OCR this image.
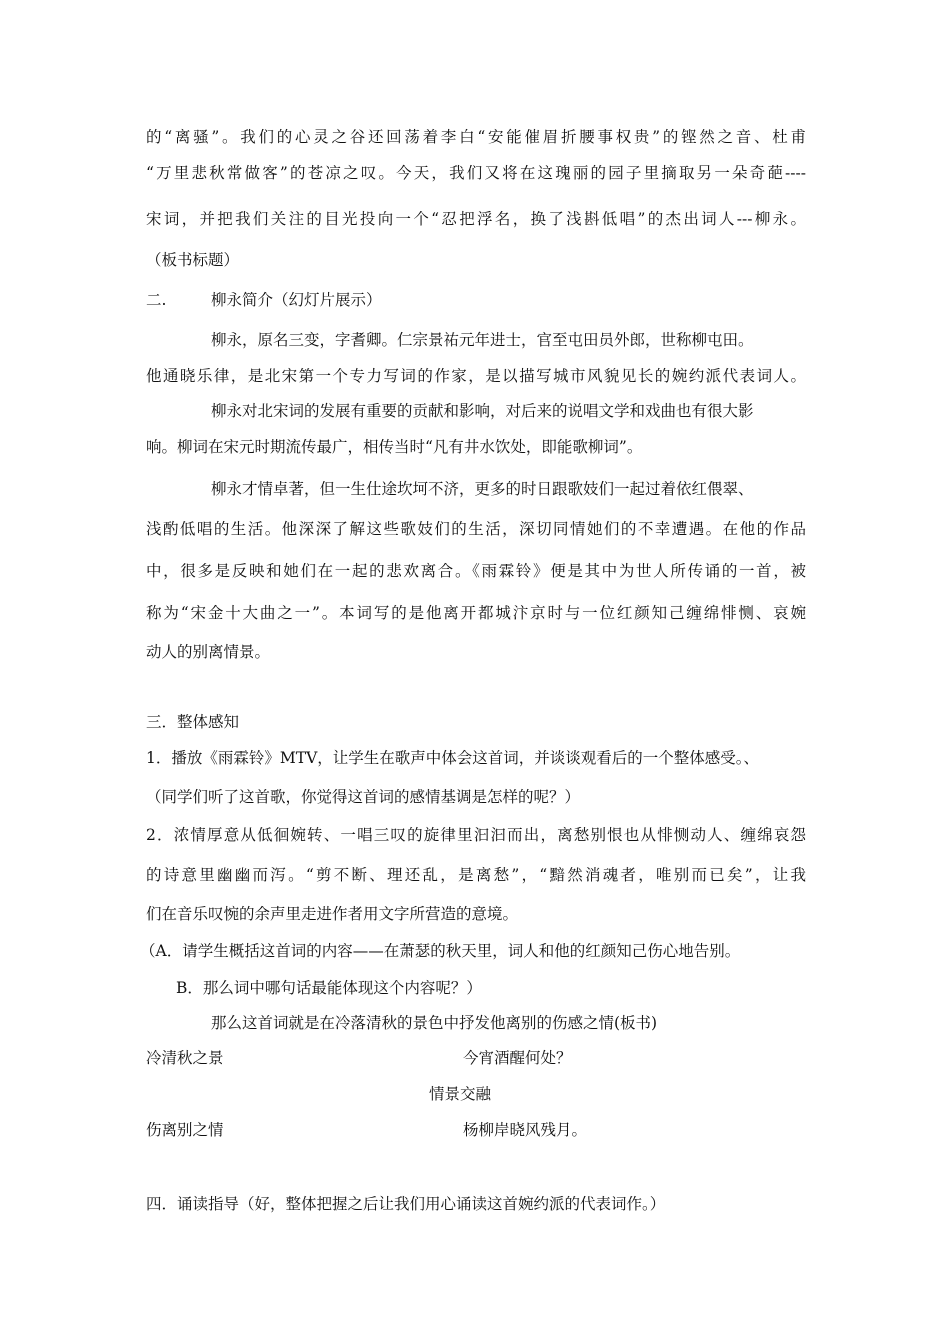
的“离骚”。我们的心灵之谷还回荡着李白“安能催眉折腰事权贵”的铿然之音、杜甫
“万里悲秋常做客”的苍凉之叹。今天，我们又将在这瑰丽的园子里摘取另一朵奇葩----
宋词，并把我们关注的目光投向一个“忍把浮名，换了浅斟低唱”的杰出词人---柳永。
（板书标题）
二.	柳永简介（幻灯片展示）
柳永，原名三变，字耆卿。仁宗景祐元年进士，官至屯田员外郎，世称柳屯田。
他通晓乐律，是北宋第一个专力写词的作家，是以描写城市风貌见长的婉约派代表词人。
柳永对北宋词的发展有重要的贡献和影响，对后来的说唱文学和戏曲也有很大影
响。柳词在宋元时期流传最广，相传当时“凡有井水饮处，即能歌柳词”。
柳永才情卓著，但一生仕途坎坷不济，更多的时日跟歌妓们一起过着依红偎翠、
浅酌低唱的生活。他深深了解这些歌妓们的生活，深切同情她们的不幸遭遇。在他的作品
中，很多是反映和她们在一起的悲欢离合。《雨霖铃》便是其中为世人所传诵的一首，被
称为“宋金十大曲之一”。本词写的是他离开都城汴京时与一位红颜知己缠绵悱恻、哀婉
动人的别离情景。
三．整体感知
1．播放《雨霖铃》MTV，让学生在歌声中体会这首词，并谈谈观看后的一个整体感受。、
（同学们听了这首歌，你觉得这首词的感情基调是怎样的呢？）
2．浓情厚意从低徊婉转、一唱三叹的旋律里汩汩而出，离愁别恨也从悱恻动人、缠绵哀怨
的诗意里幽幽而泻。“剪不断、理还乱，是离愁”，“黯然消魂者，唯别而已矣”，让我
们在音乐叹惋的余声里走进作者用文字所营造的意境。
（A．请学生概括这首词的内容——在萧瑟的秋天里，词人和他的红颜知己伤心地告别。
B．那么词中哪句话最能体现这个内容呢？）
那么这首词就是在冷落清秋的景色中抒发他离别的伤感之情(板书)
冷清秋之景	今宵酒醒何处？
情景交融
伤离别之情	杨柳岸晓风残月。
四．诵读指导（好，整体把握之后让我们用心诵读这首婉约派的代表词作。）
